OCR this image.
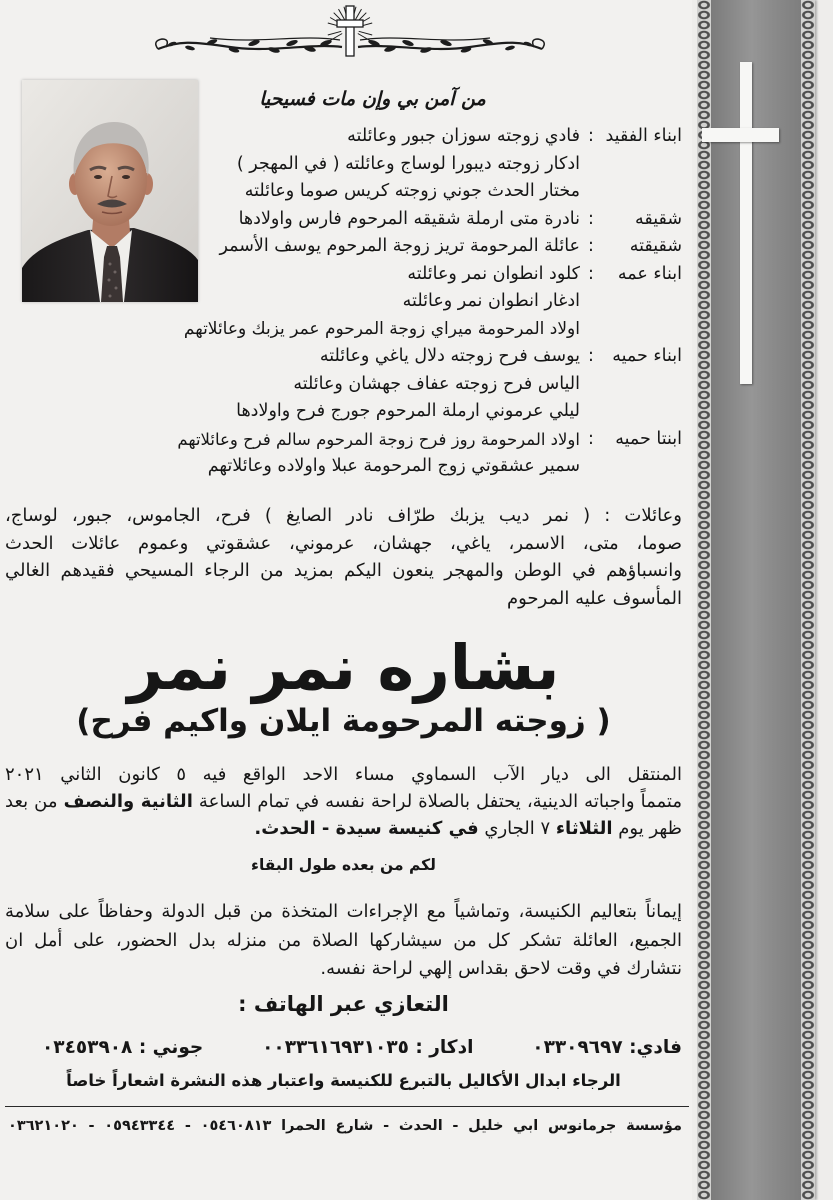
من آمن بي وإن مات فسيحيا
ابناء الفقيد
:
فادي زوجته سوزان جبور وعائلته
ادكار زوجته ديبورا لوساج وعائلته ( في المهجر )
مختار الحدث جوني زوجته كريس صوما وعائلته
شقيقه
:
نادرة متى ارملة شقيقه المرحوم فارس واولادها
شقيقته
:
عائلة المرحومة تريز زوجة المرحوم يوسف الأسمر
ابناء عمه
:
كلود انطوان نمر وعائلته
ادغار انطوان نمر وعائلته
اولاد المرحومة ميراي زوجة المرحوم عمر يزبك وعائلاتهم
ابناء حميه
:
يوسف فرح زوجته دلال ياغي وعائلته
الياس فرح زوجته عفاف جهشان وعائلته
ليلي عرموني ارملة المرحوم جورج فرح واولادها
ابنتا حميه
:
اولاد المرحومة روز فرح زوجة المرحوم سالم فرح وعائلاتهم
سمير عشقوتي زوج المرحومة عبلا واولاده وعائلاتهم
وعائلات : ( نمر ديب يزبك طرّاف نادر الصايغ ) فرح، الجاموس، جبور، لوساج،
صوما، متى، الاسمر، ياغي، جهشان، عرموني، عشقوتي وعموم عائلات الحدث
وانسباؤهم في الوطن والمهجر ينعون اليكم بمزيد من الرجاء المسيحي فقيدهم الغالي
المأسوف عليه المرحوم
بشاره نمر نمر
( زوجته المرحومة ايلان واكيم فرح)
المنتقل الى ديار الآب السماوي مساء الاحد الواقع فيه ٥ كانون الثاني ٢٠٢١
متمماً واجباته الدينية، يحتفل بالصلاة لراحة نفسه في تمام الساعة الثانية والنصف من بعد
ظهر يوم الثلاثاء ٧ الجاري في كنيسة سيدة - الحدث.
لكم من بعده طول البقاء
إيماناً بتعاليم الكنيسة، وتماشياً مع الإجراءات المتخذة من قبل الدولة وحفاظاً على سلامة
الجميع، العائلة تشكر كل من سيشاركها الصلاة من منزله بدل الحضور، على أمل ان
نتشارك في وقت لاحق بقداس إلهي لراحة نفسه.
التعازي عبر الهاتف :
فادي: ٠٣٣٠٩٦٩٧
ادكار : ٠٠٣٣٦١٦٩٣١٠٣٥
جوني : ٠٣٤٥٣٩٠٨
الرجاء ابدال الأكاليل بالتبرع للكنيسة واعتبار هذه النشرة اشعاراً خاصاً
مؤسسة جرمانوس ابي خليل - الحدث - شارع الحمرا ٠٥٤٦٠٨١٣ - ٠٥٩٤٣٣٤٤ - ٠٣٦٢١٠٢٠
